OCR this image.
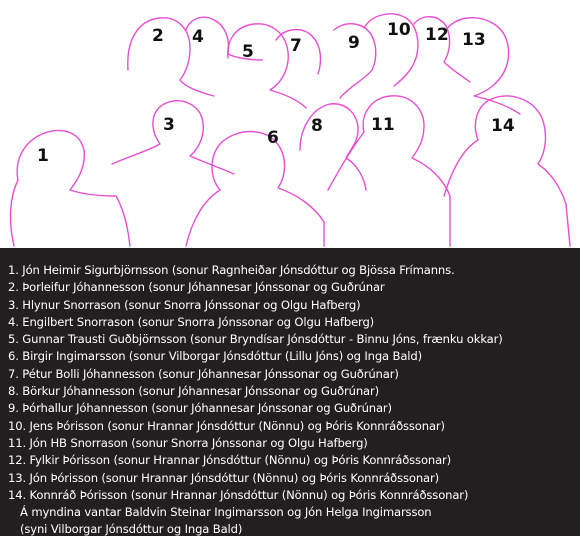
1
2
3
4
5
6
7
8
9
10
11
12 13
14
1. Jón Heimir Sigurbjörnsson (sonur Ragnheiðar Jónsdóttur og Bjössa Frímanns.
2. Þorleifur Jóhannesson (sonur Jóhannesar Jónssonar og Guðrúnar
3. Hlynur Snorrason (sonur Snorra Jónssonar og Olgu Hafberg)
4. Engilbert Snorrason (sonur Snorra Jónssonar og Olgu Hafberg)
5. Gunnar Trausti Guðbjörnsson (sonur Bryndísar Jónsdóttur - Binnu Jóns, frænku okkar)
6. Birgir Ingimarsson (sonur Vilborgar Jónsdóttur (Lillu Jóns) og Inga Bald)
7. Pétur Bolli Jóhannesson (sonur Jóhannesar Jónssonar og Guðrúnar)
8. Börkur Jóhannesson (sonur Jóhannesar Jónssonar og Guðrúnar)
9. Þórhallur Jóhannesson (sonur Jóhannesar Jónssonar og Guðrúnar)
10. Jens Þórisson (sonur Hrannar Jónsdóttur (Nönnu) og Þóris Konnráðssonar)
11. Jón HB Snorrason (sonur Snorra Jónssonar og Olgu Hafberg)
12. Fylkir Þórisson (sonur Hrannar Jónsdóttur (Nönnu) og Þóris Konnráðssonar)
13. Jón Þórisson (sonur Hrannar Jónsdóttur (Nönnu) og Þóris Konnráðssonar)
14. Konnráð Þórisson (sonur Hrannar Jónsdóttur (Nönnu) og Þóris Konnráðssonar)
Á myndina vantar Baldvin Steinar Ingimarsson og Jón Helga Ingimarsson
(syni Vilborgar Jónsdóttur og Inga Bald)
